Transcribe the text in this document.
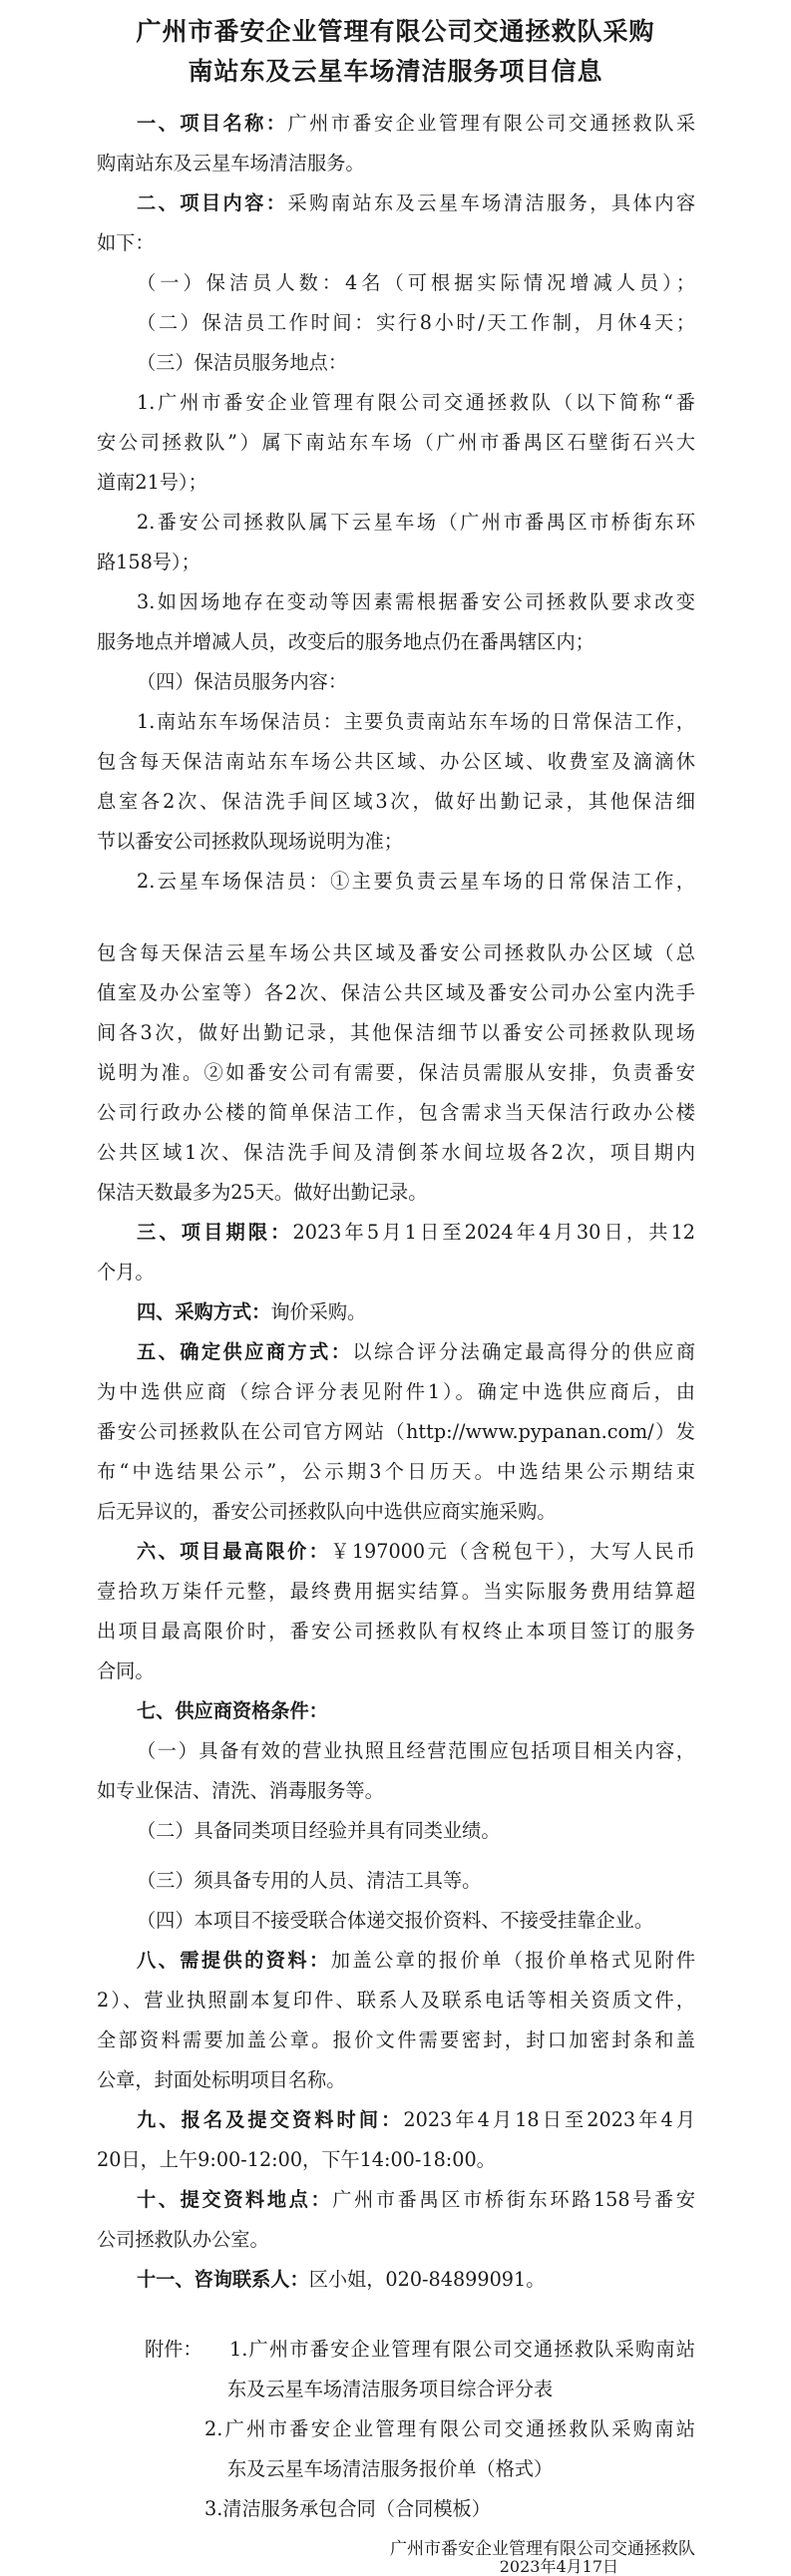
广州市番安企业管理有限公司交通拯救队采购
南站东及云星车场清洁服务项目信息
一、项目名称：广州市番安企业管理有限公司交通拯救队采
购南站东及云星车场清洁服务。
二、项目内容：采购南站东及云星车场清洁服务，具体内容
如下：
（一）保洁员人数：4名（可根据实际情况增减人员）；
（二）保洁员工作时间：实行8小时/天工作制，月休4天；
（三）保洁员服务地点：
1.广州市番安企业管理有限公司交通拯救队（以下简称“番
安公司拯救队”）属下南站东车场（广州市番禺区石壁街石兴大
道南21号）；
2.番安公司拯救队属下云星车场（广州市番禺区市桥街东环
路158号）；
3.如因场地存在变动等因素需根据番安公司拯救队要求改变
服务地点并增减人员，改变后的服务地点仍在番禺辖区内；
（四）保洁员服务内容：
1.南站东车场保洁员：主要负责南站东车场的日常保洁工作，
包含每天保洁南站东车场公共区域、办公区域、收费室及滴滴休
息室各2次、保洁洗手间区域3次，做好出勤记录，其他保洁细
节以番安公司拯救队现场说明为准；
2.云星车场保洁员：①主要负责云星车场的日常保洁工作，
包含每天保洁云星车场公共区域及番安公司拯救队办公区域（总
值室及办公室等）各2次、保洁公共区域及番安公司办公室内洗手
间各3次，做好出勤记录，其他保洁细节以番安公司拯救队现场
说明为准。②如番安公司有需要，保洁员需服从安排，负责番安
公司行政办公楼的简单保洁工作，包含需求当天保洁行政办公楼
公共区域1次、保洁洗手间及清倒茶水间垃圾各2次，项目期内
保洁天数最多为25天。做好出勤记录。
三、项目期限：2023年5月1日至2024年4月30日，共12
个月。
四、采购方式：询价采购。
五、确定供应商方式：以综合评分法确定最高得分的供应商
为中选供应商（综合评分表见附件1）。确定中选供应商后，由
番安公司拯救队在公司官方网站（http://www.pypanan.com/）发
布“中选结果公示”，公示期3个日历天。中选结果公示期结束
后无异议的，番安公司拯救队向中选供应商实施采购。
六、项目最高限价：￥197000元（含税包干），大写人民币
壹拾玖万柒仟元整，最终费用据实结算。当实际服务费用结算超
出项目最高限价时，番安公司拯救队有权终止本项目签订的服务
合同。
七、供应商资格条件：
（一）具备有效的营业执照且经营范围应包括项目相关内容，
如专业保洁、清洗、消毒服务等。
（二）具备同类项目经验并具有同类业绩。
（三）须具备专用的人员、清洁工具等。
（四）本项目不接受联合体递交报价资料、不接受挂靠企业。
八、需提供的资料：加盖公章的报价单（报价单格式见附件
2）、营业执照副本复印件、联系人及联系电话等相关资质文件，
全部资料需要加盖公章。报价文件需要密封，封口加密封条和盖
公章，封面处标明项目名称。
九、报名及提交资料时间：2023年4月18日至2023年4月
20日，上午9:00-12:00，下午14:00-18:00。
十、提交资料地点：广州市番禺区市桥街东环路158号番安
公司拯救队办公室。
十一、咨询联系人：区小姐，020-84899091。
附件：	1.广州市番安企业管理有限公司交通拯救队采购南站
东及云星车场清洁服务项目综合评分表
2.广州市番安企业管理有限公司交通拯救队采购南站
东及云星车场清洁服务报价单（格式）
3.清洁服务承包合同（合同模板）
广州市番安企业管理有限公司交通拯救队
2023年4月17日
